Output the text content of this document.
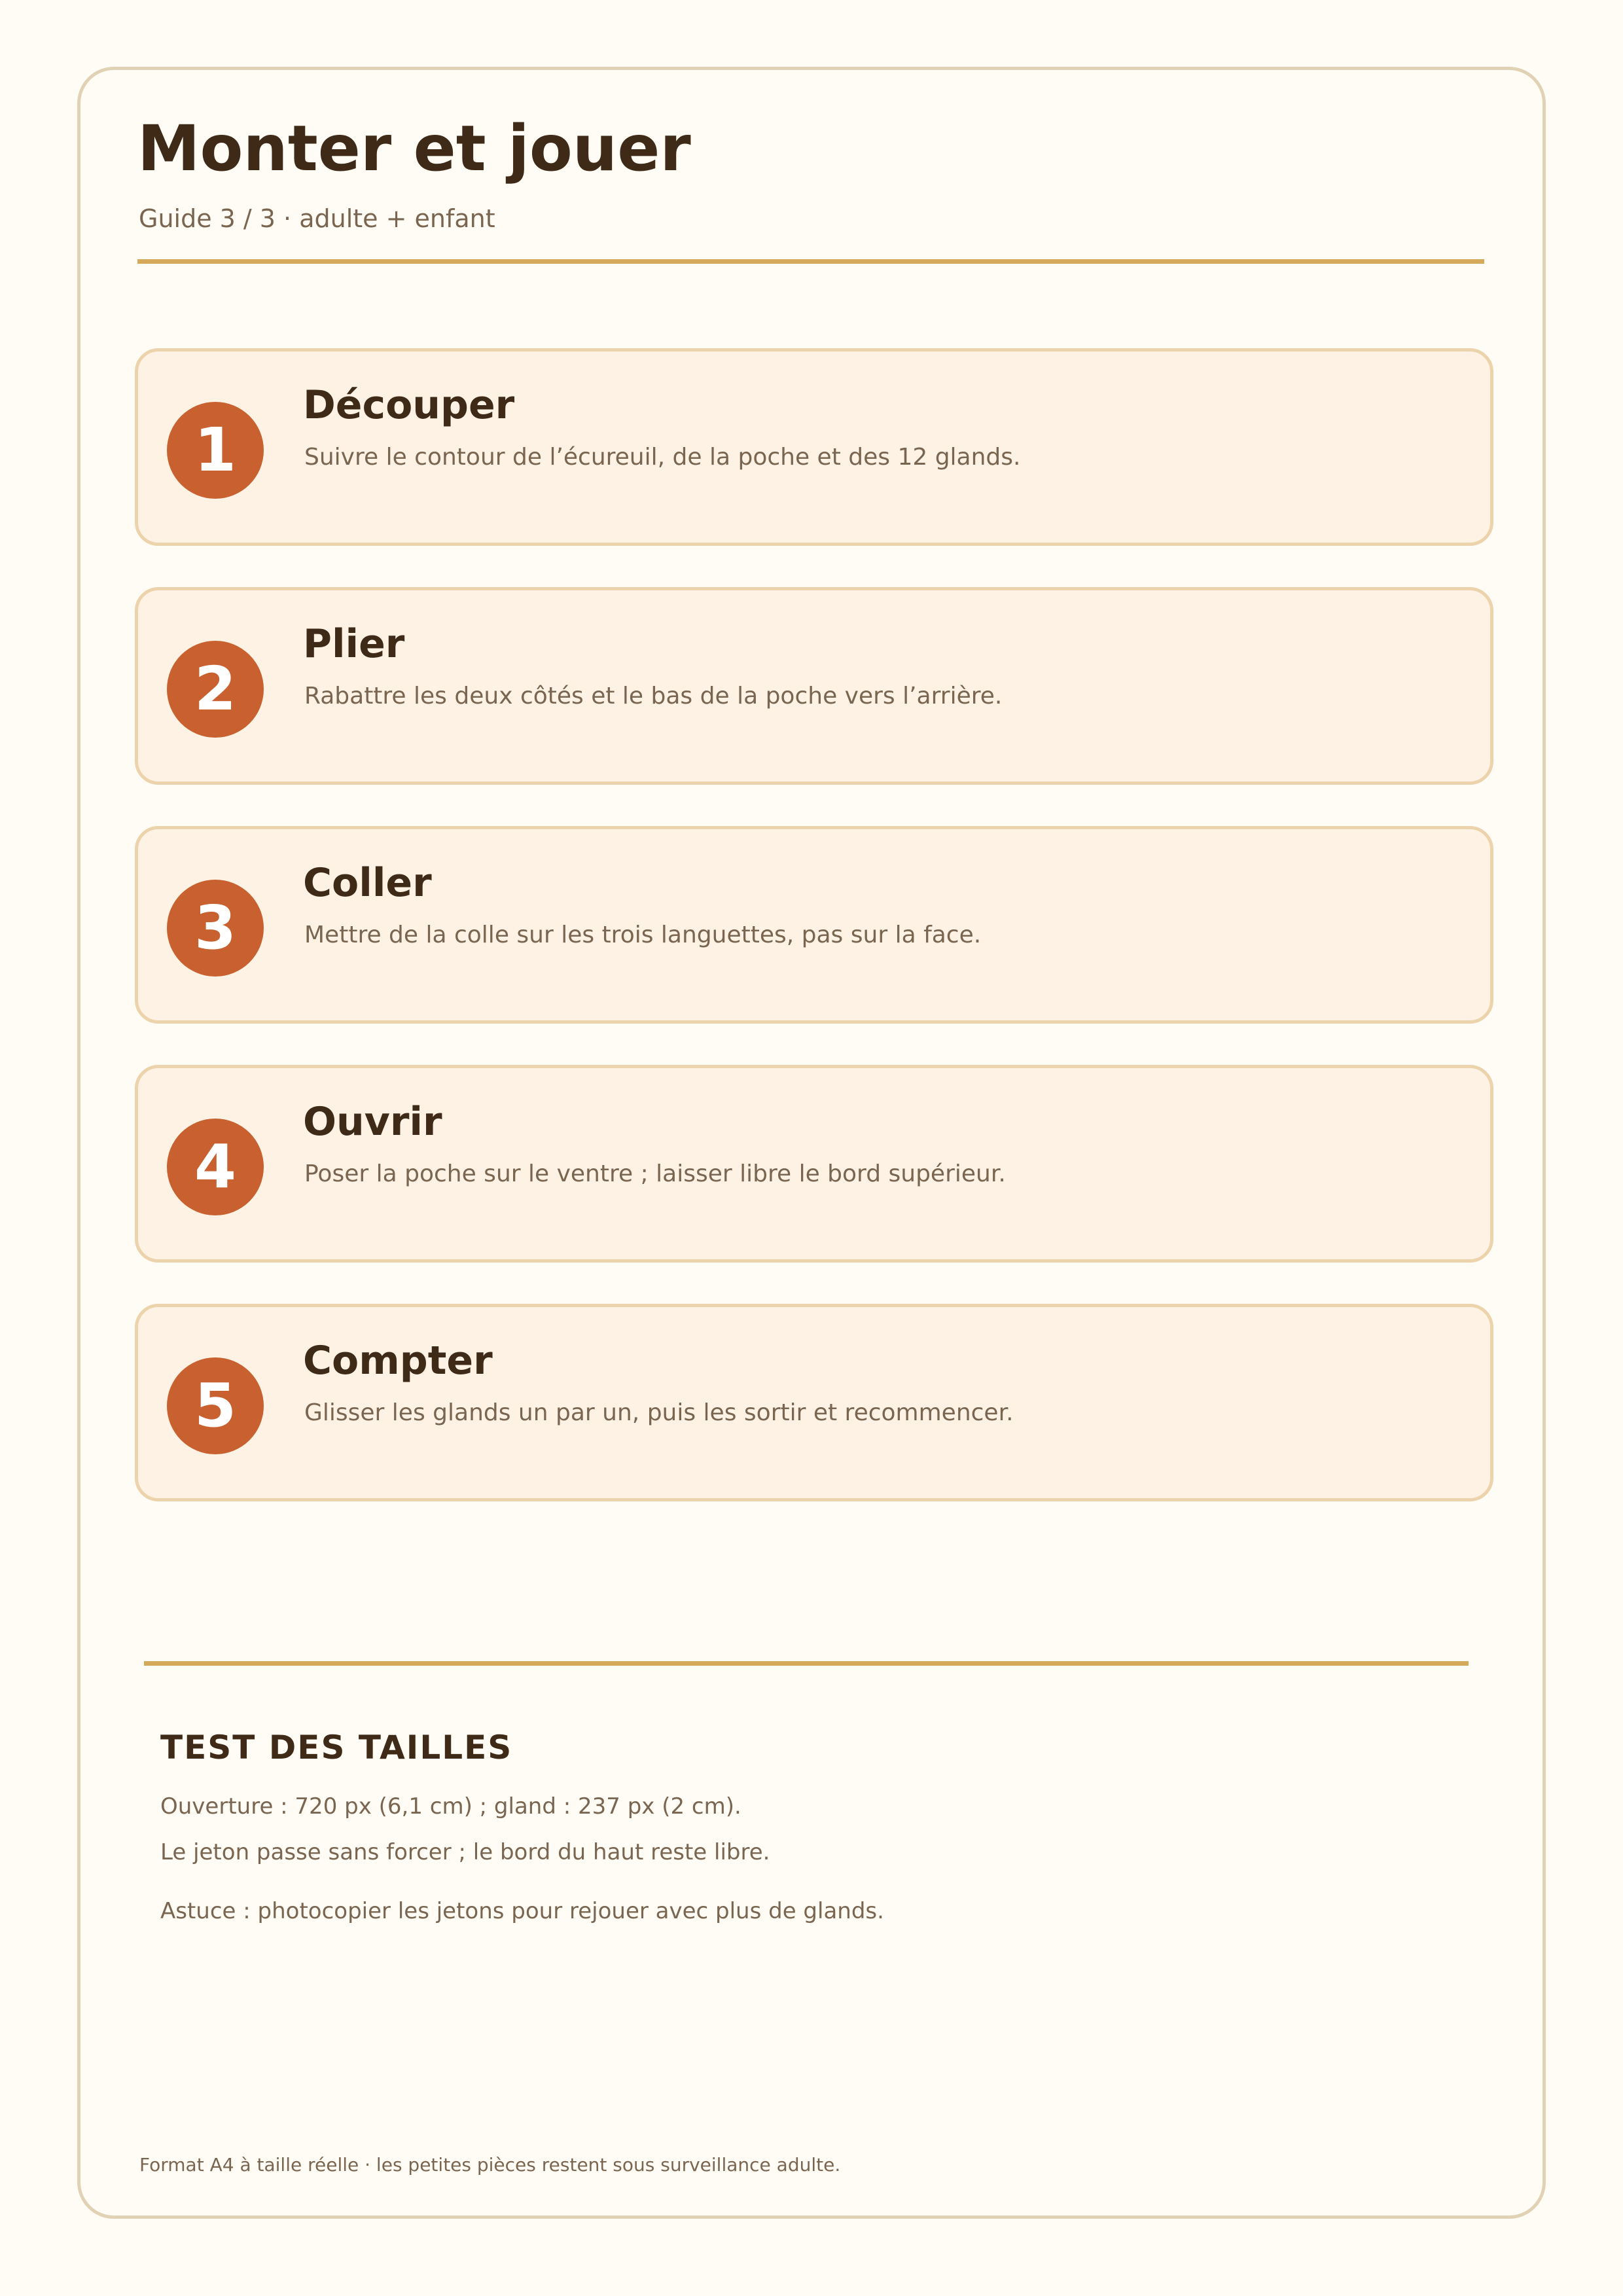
Monter et jouer

Guide 3 / 3 · adulte + enfant

1
Découper

Suivre le contour de l’écureuil, de la poche et des 12 glands.

2
Plier

Rabattre les deux côtés et le bas de la poche vers l’arrière.

3
Coller

Mettre de la colle sur les trois languettes, pas sur la face.

4
Ouvrir

Poser la poche sur le ventre ; laisser libre le bord supérieur.

5
Compter

Glisser les glands un par un, puis les sortir et recommencer.

TEST DES TAILLES

Ouverture : 720 px (6,1 cm) ; gland : 237 px (2 cm).

Le jeton passe sans forcer ; le bord du haut reste libre.

Astuce : photocopier les jetons pour rejouer avec plus de glands.

Format A4 à taille réelle · les petites pièces restent sous surveillance adulte.
